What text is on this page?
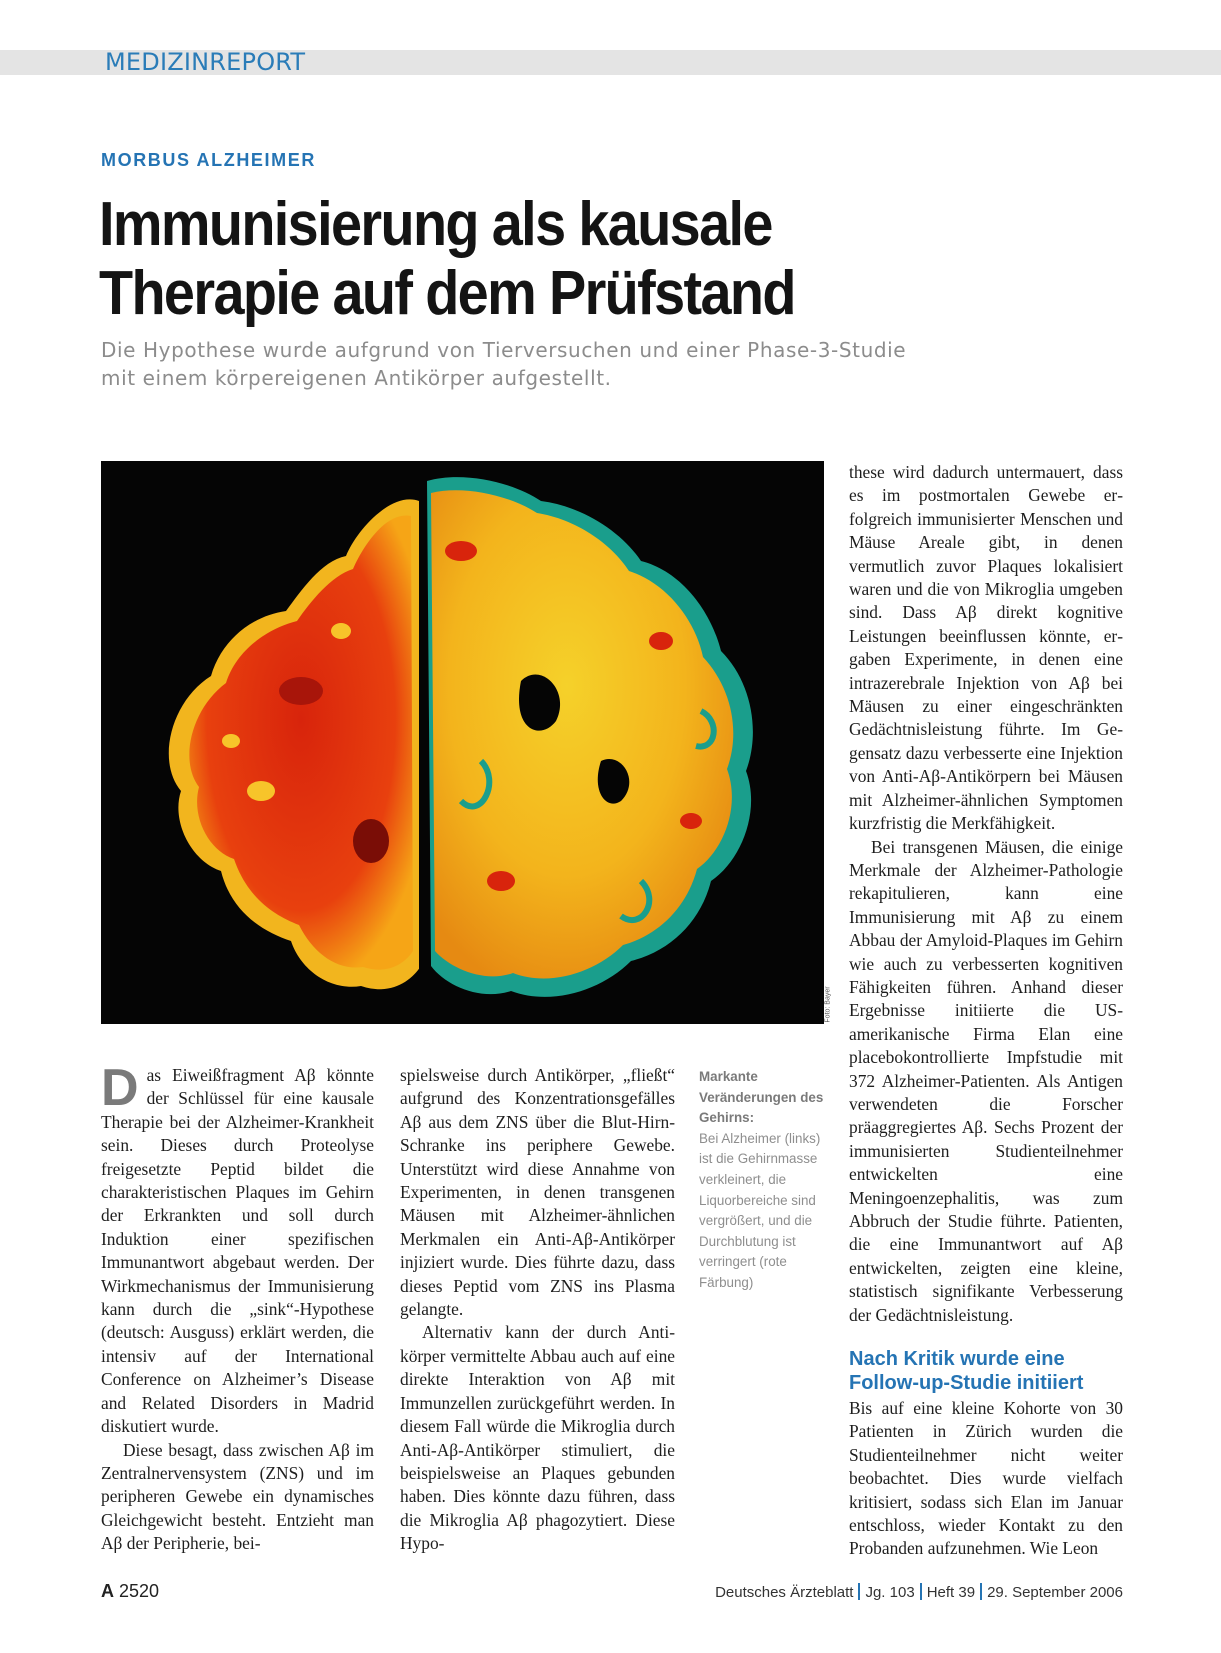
MEDIZINREPORT
MORBUS ALZHEIMER
Immunisierung als kausale
Therapie auf dem Prüfstand

Die Hypothese wurde aufgrund von Tierversuchen und einer Phase-3-Studie
mit einem körpereigenen Antikörper aufgestellt.

Foto: Bayer
Markante Veränderungen des Gehirns:
Bei Alzheimer (links) ist die Gehirnmasse verkleinert, die Liquorbereiche sind vergrößert, und die Durchblutung ist verringert (rote Färbung)

Das Eiweißfragment Aβ könnte der Schlüssel für eine kausale Therapie bei der Alzheimer-Krankheit sein. Dieses durch Proteolyse freigesetzte Peptid bildet die charakteristischen Plaques im Gehirn der Erkrankten und soll durch Induktion einer spezifischen Immunantwort abgebaut werden. Der Wirkmechanismus der Immunisierung kann durch die „sink“-Hypothese (deutsch: Ausguss) erklärt werden, die intensiv auf der International Conference on Alzheimer’s Disease and Related Disorders in Madrid diskutiert wurde.

Diese besagt, dass zwischen Aβ im Zentralnervensystem (ZNS) und im peripheren Gewebe ein dynamisches Gleichgewicht besteht. Entzieht man Aβ der Peripherie, bei-

spielsweise durch Antikörper, „fließt“ aufgrund des Konzentrationsgefälles Aβ aus dem ZNS über die Blut-Hirn-Schranke ins periphere Gewebe. Unterstützt wird diese Annahme von Experimenten, in denen transgenen Mäusen mit Alzheimer-ähnlichen Merkmalen ein Anti-Aβ-Antikörper injiziert wurde. Dies führte dazu, dass dieses Peptid vom ZNS ins Plasma gelangte.

Alternativ kann der durch Antikörper vermittelte Abbau auch auf eine direkte Interaktion von Aβ mit Immunzellen zurückgeführt werden. In diesem Fall würde die Mikroglia durch Anti-Aβ-Antikörper stimuliert, die beispielsweise an Plaques gebunden haben. Dies könnte dazu führen, dass die Mikroglia Aβ phagozytiert. Diese Hypo-

these wird dadurch untermauert, dass es im postmortalen Gewebe erfolgreich immunisierter Menschen und Mäuse Areale gibt, in denen vermutlich zuvor Plaques lokalisiert waren und die von Mikroglia umgeben sind. Dass Aβ direkt kognitive Leistungen beeinflussen könnte, ergaben Experimente, in denen eine intrazerebrale Injektion von Aβ bei Mäusen zu einer eingeschränkten Gedächtnisleistung führte. Im Gegensatz dazu verbesserte eine Injektion von Anti-Aβ-Antikörpern bei Mäusen mit Alzheimer-ähnlichen Symptomen kurzfristig die Merkfähigkeit.

Bei transgenen Mäusen, die einige Merkmale der Alzheimer-Pathologie rekapitulieren, kann eine Immunisierung mit Aβ zu einem Abbau der Amyloid-Plaques im Gehirn wie auch zu verbesserten kognitiven Fähigkeiten führen. Anhand dieser Ergebnisse initiierte die US-amerikanische Firma Elan eine placebokontrollierte Impfstudie mit 372 Alzheimer-Patienten. Als Antigen verwendeten die Forscher präaggregiertes Aβ. Sechs Prozent der immunisierten Studienteilnehmer entwickelten eine Meningoenzephalitis, was zum Abbruch der Studie führte. Patienten, die eine Immunantwort auf Aβ entwickelten, zeigten eine kleine, statistisch signifikante Verbesserung der Gedächtnisleistung.

Nach Kritik wurde eine Follow-up-Studie initiiert

Bis auf eine kleine Kohorte von 30 Patienten in Zürich wurden die Studienteilnehmer nicht weiter beobachtet. Dies wurde vielfach kritisiert, sodass sich Elan im Januar entschloss, wieder Kontakt zu den Probanden aufzunehmen. Wie Leon

A 2520	Deutsches Ärzteblatt Jg. 103 Heft 39 29. September 2006
